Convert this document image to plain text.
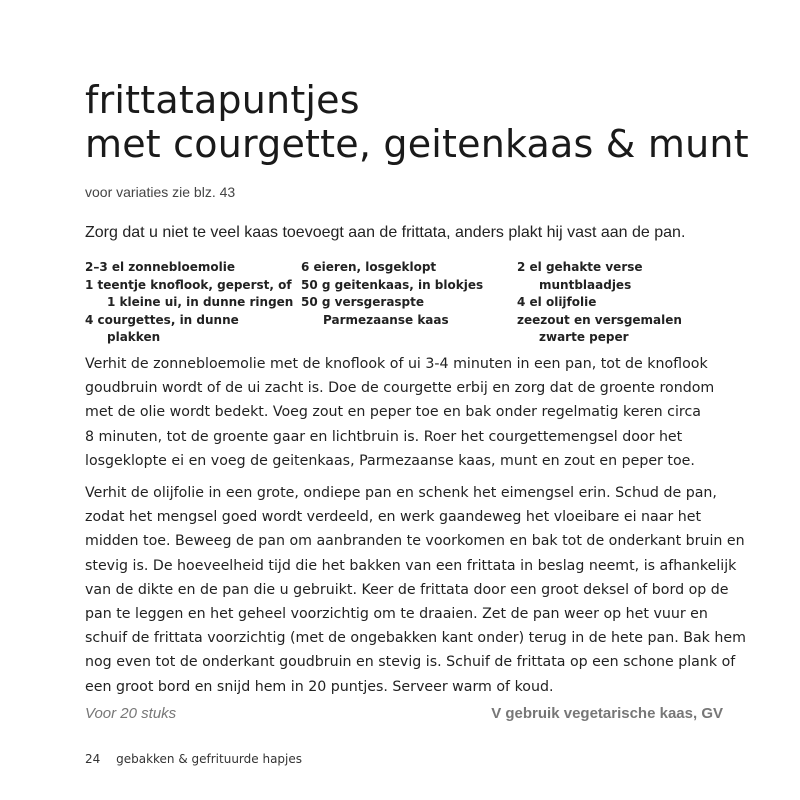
frittatapuntjes
met courgette, geitenkaas & munt
voor variaties zie blz. 43
Zorg dat u niet te veel kaas toevoegt aan de frittata, anders plakt hij vast aan de pan.
2–3 el zonnebloemolie
1 teentje knoflook, geperst, of 1 kleine ui, in dunne ringen
4 courgettes, in dunne plakken
6 eieren, losgeklopt
50 g geitenkaas, in blokjes
50 g versgeraspte Parmezaanse kaas
2 el gehakte verse muntblaadjes
4 el olijfolie
zeezout en versgemalen zwarte peper
Verhit de zonnebloemolie met de knoflook of ui 3-4 minuten in een pan, tot de knoflook
goudbruin wordt of de ui zacht is. Doe de courgette erbij en zorg dat de groente rondom
met de olie wordt bedekt. Voeg zout en peper toe en bak onder regelmatig keren circa
8 minuten, tot de groente gaar en lichtbruin is. Roer het courgettemengsel door het
losgeklopte ei en voeg de geitenkaas, Parmezaanse kaas, munt en zout en peper toe.
Verhit de olijfolie in een grote, ondiepe pan en schenk het eimengsel erin. Schud de pan,
zodat het mengsel goed wordt verdeeld, en werk gaandeweg het vloeibare ei naar het
midden toe. Beweeg de pan om aanbranden te voorkomen en bak tot de onderkant bruin en
stevig is. De hoeveelheid tijd die het bakken van een frittata in beslag neemt, is afhankelijk
van de dikte en de pan die u gebruikt. Keer de frittata door een groot deksel of bord op de
pan te leggen en het geheel voorzichtig om te draaien. Zet de pan weer op het vuur en
schuif de frittata voorzichtig (met de ongebakken kant onder) terug in de hete pan. Bak hem
nog even tot de onderkant goudbruin en stevig is. Schuif de frittata op een schone plank of
een groot bord en snijd hem in 20 puntjes. Serveer warm of koud.
Voor 20 stuks	V gebruik vegetarische kaas, GV
24 gebakken & gefrituurde hapjes
